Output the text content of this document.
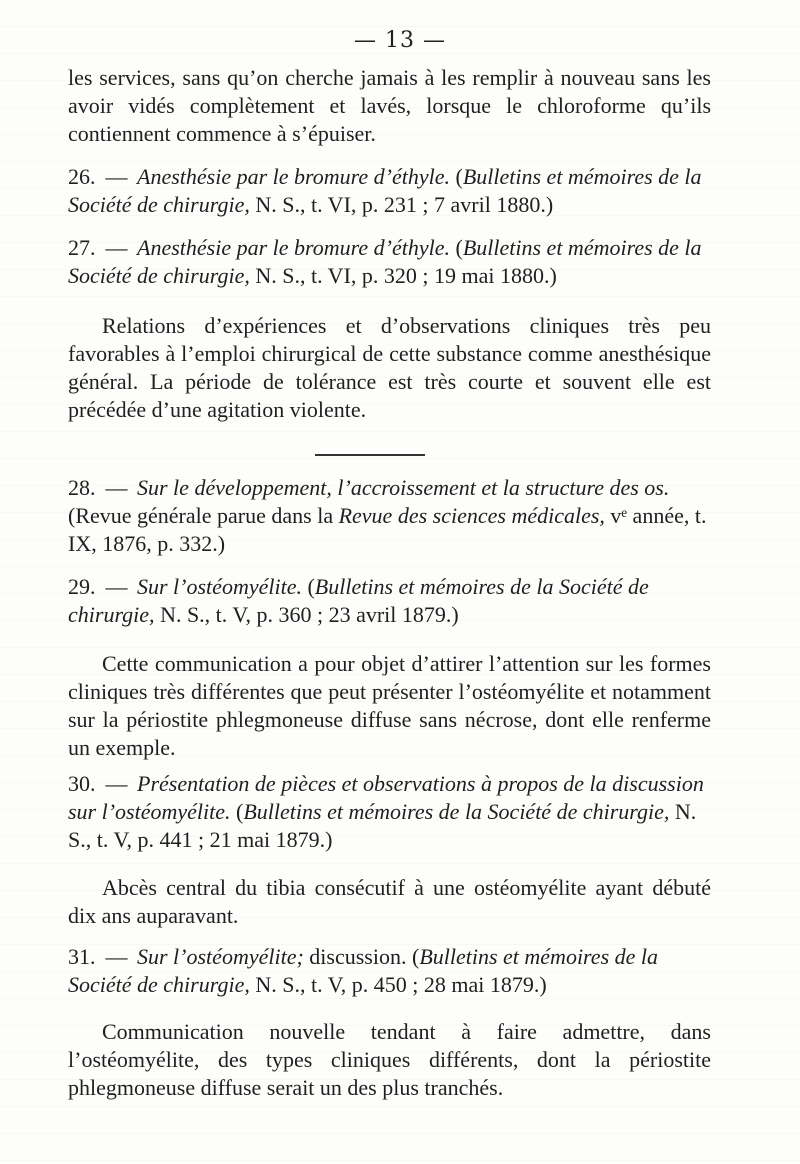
— 13 —

les services, sans qu’on cherche jamais à les remplir à nouveau sans les avoir vidés complètement et lavés, lorsque le chloroforme qu’ils contiennent commence à s’épuiser.

26. — Anesthésie par le bromure d’éthyle. (Bulletins et mémoires de la Société de chirurgie, N. S., t. VI, p. 231 ; 7 avril 1880.)

27. — Anesthésie par le bromure d’éthyle. (Bulletins et mémoires de la Société de chirurgie, N. S., t. VI, p. 320 ; 19 mai 1880.)

Relations d’expériences et d’observations cliniques très peu favorables à l’emploi chirurgical de cette substance comme anesthésique général. La période de tolérance est très courte et souvent elle est précédée d’une agitation violente.

28. — Sur le développement, l’accroissement et la structure des os. (Revue générale parue dans la Revue des sciences médicales, vᵉ année, t. IX, 1876, p. 332.)

29. — Sur l’ostéomyélite. (Bulletins et mémoires de la Société de chirurgie, N. S., t. V, p. 360 ; 23 avril 1879.)

Cette communication a pour objet d’attirer l’attention sur les formes cliniques très différentes que peut présenter l’ostéomyélite et notamment sur la périostite phlegmoneuse diffuse sans nécrose, dont elle renferme un exemple.

30. — Présentation de pièces et observations à propos de la discussion sur l’ostéomyélite. (Bulletins et mémoires de la Société de chirurgie, N. S., t. V, p. 441 ; 21 mai 1879.)

Abcès central du tibia consécutif à une ostéomyélite ayant débuté dix ans auparavant.

31. — Sur l’ostéomyélite; discussion. (Bulletins et mémoires de la Société de chirurgie, N. S., t. V, p. 450 ; 28 mai 1879.)

Communication nouvelle tendant à faire admettre, dans l’ostéomyélite, des types cliniques différents, dont la périostite phlegmoneuse diffuse serait un des plus tranchés.
